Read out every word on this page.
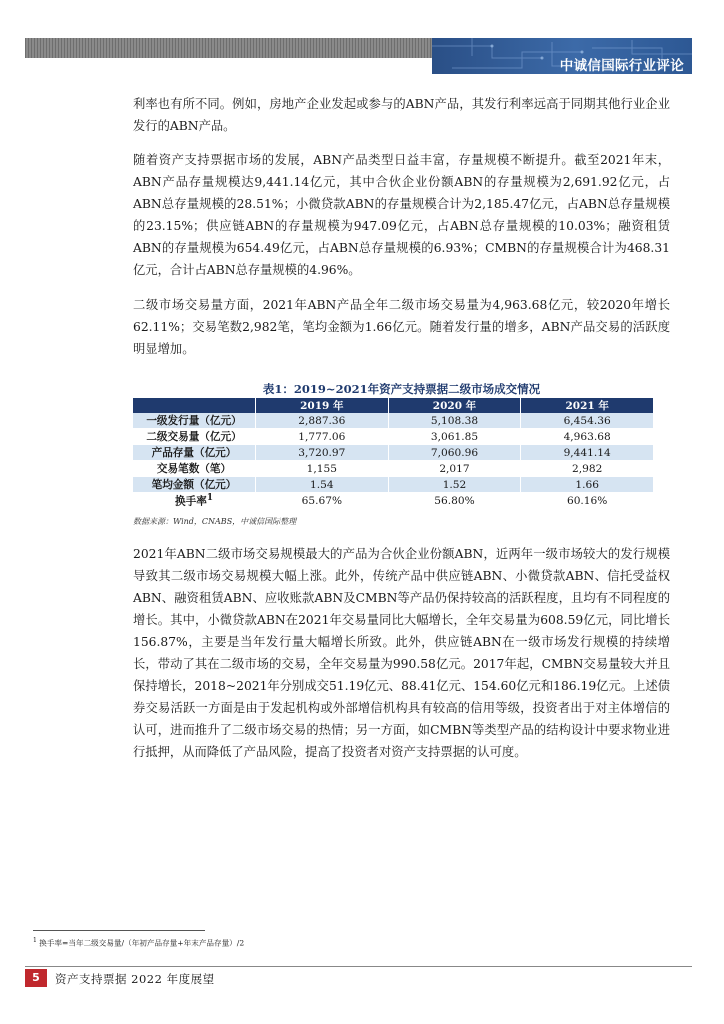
中诚信国际行业评论
利率也有所不同。例如，房地产企业发起或参与的ABN产品，其发行利率远高于同期其他行业企业发行的ABN产品。
随着资产支持票据市场的发展，ABN产品类型日益丰富，存量规模不断提升。截至2021年末，ABN产品存量规模达9,441.14亿元，其中合伙企业份额ABN的存量规模为2,691.92亿元，占ABN总存量规模的28.51%；小微贷款ABN的存量规模合计为2,185.47亿元，占ABN总存量规模的23.15%；供应链ABN的存量规模为947.09亿元，占ABN总存量规模的10.03%；融资租赁ABN的存量规模为654.49亿元，占ABN总存量规模的6.93%；CMBN的存量规模合计为468.31亿元，合计占ABN总存量规模的4.96%。
二级市场交易量方面，2021年ABN产品全年二级市场交易量为4,963.68亿元，较2020年增长62.11%；交易笔数2,982笔，笔均金额为1.66亿元。随着发行量的增多，ABN产品交易的活跃度明显增加。
表1：2019~2021年资产支持票据二级市场成交情况
	2019 年	2020 年	2021 年
一级发行量（亿元）	2,887.36	5,108.38	6,454.36
二级交易量（亿元）	1,777.06	3,061.85	4,963.68
产品存量（亿元）	3,720.97	7,060.96	9,441.14
交易笔数（笔）	1,155	2,017	2,982
笔均金额（亿元）	1.54	1.52	1.66
换手率$^1$	65.67%	56.80%	60.16%
数据来源：Wind，CNABS，中诚信国际整理
2021年ABN二级市场交易规模最大的产品为合伙企业份额ABN，近两年一级市场较大的发行规模导致其二级市场交易规模大幅上涨。此外，传统产品中供应链ABN、小微贷款ABN、信托受益权ABN、融资租赁ABN、应收账款ABN及CMBN等产品仍保持较高的活跃程度，且均有不同程度的增长。其中，小微贷款ABN在2021年交易量同比大幅增长，全年交易量为608.59亿元，同比增长156.87%，主要是当年发行量大幅增长所致。此外，供应链ABN在一级市场发行规模的持续增长，带动了其在二级市场的交易，全年交易量为990.58亿元。2017年起，CMBN交易量较大并且保持增长，2018~2021年分别成交51.19亿元、88.41亿元、154.60亿元和186.19亿元。上述债券交易活跃一方面是由于发起机构或外部增信机构具有较高的信用等级，投资者出于对主体增信的认可，进而推升了二级市场交易的热情；另一方面，如CMBN等类型产品的结构设计中要求物业进行抵押，从而降低了产品风险，提高了投资者对资产支持票据的认可度。
$^1$ 换手率=当年二级交易量/（年初产品存量+年末产品存量）/2
5	资产支持票据 2022 年度展望
